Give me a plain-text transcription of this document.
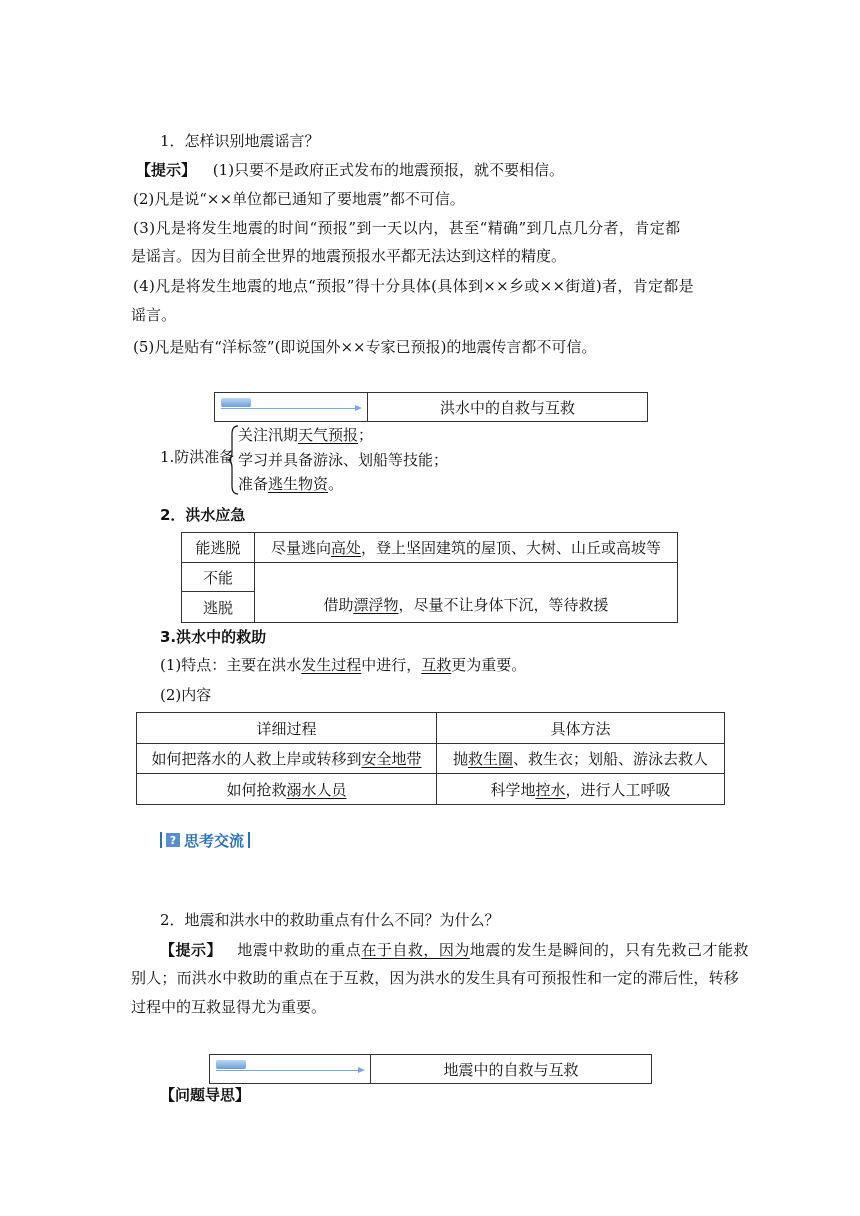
1．怎样识别地震谣言？
【提示】 (1)只要不是政府正式发布的地震预报，就不要相信。
(2)凡是说“××单位都已通知了要地震”都不可信。
(3)凡是将发生地震的时间“预报”到一天以内，甚至“精确”到几点几分者，肯定都
是谣言。因为目前全世界的地震预报水平都无法达到这样的精度。
(4)凡是将发生地震的地点“预报”得十分具体(具体到××乡或××街道)者，肯定都是
谣言。
(5)凡是贴有“洋标签”(即说国外××专家已预报)的地震传言都不可信。
洪水中的自救与互救
1.防洪准备
关注汛期天气预报；
学习并具备游泳、划船等技能；
准备逃生物资。
2．洪水应急
能逃脱	尽量逃向高处，登上坚固建筑的屋顶、大树、山丘或高坡等
不能	借助漂浮物，尽量不让身体下沉，等待救援
逃脱	
3.洪水中的救助
(1)特点：主要在洪水发生过程中进行，互救更为重要。
(2)内容
详细过程	具体方法
如何把落水的人救上岸或转移到安全地带	抛救生圈、救生衣；划船、游泳去救人
如何抢救溺水人员	科学地控水，进行人工呼吸
? 思考交流
2．地震和洪水中的救助重点有什么不同？为什么？
【提示】 地震中救助的重点在于自救，因为地震的发生是瞬间的，只有先救己才能救
别人；而洪水中救助的重点在于互救，因为洪水的发生具有可预报性和一定的滞后性，转移
过程中的互救显得尤为重要。
地震中的自救与互救
【问题导思】
